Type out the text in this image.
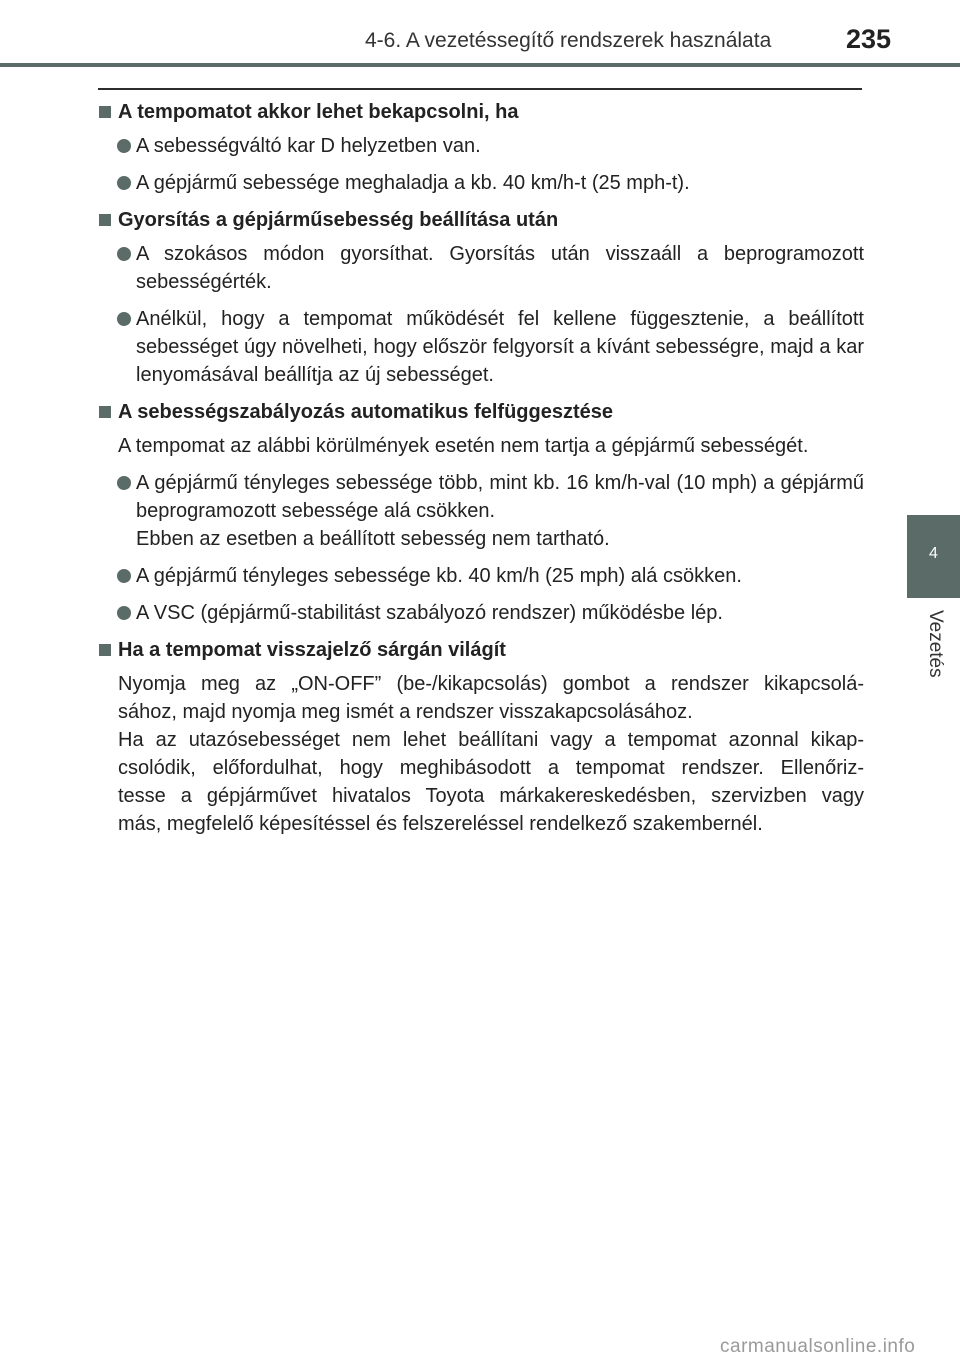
4-6. A vezetéssegítő rendszerek használata	235
4
Vezetés
A tempomatot akkor lehet bekapcsolni, ha
A sebességváltó kar D helyzetben van.
A gépjármű sebessége meghaladja a kb. 40 km/h-t (25 mph-t).
Gyorsítás a gépjárműsebesség beállítása után
A szokásos módon gyorsíthat. Gyorsítás után visszaáll a beprogramozott sebességérték.
Anélkül, hogy a tempomat működését fel kellene függesztenie, a beállított sebességet úgy növelheti, hogy először felgyorsít a kívánt sebességre, majd a kar lenyomásával beállítja az új sebességet.
A sebességszabályozás automatikus felfüggesztése
A tempomat az alábbi körülmények esetén nem tartja a gépjármű sebességét.
A gépjármű tényleges sebessége több, mint kb. 16 km/h-val (10 mph) a gépjármű beprogramozott sebessége alá csökken.
Ebben az esetben a beállított sebesség nem tartható.
A gépjármű tényleges sebessége kb. 40 km/h (25 mph) alá csökken.
A VSC (gépjármű-stabilitást szabályozó rendszer) működésbe lép.
Ha a tempomat visszajelző sárgán világít
Nyomja meg az „ON-OFF” (be-/kikapcsolás) gombot a rendszer kikapcsolá-
sához, majd nyomja meg ismét a rendszer visszakapcsolásához.
Ha az utazósebességet nem lehet beállítani vagy a tempomat azonnal kikap-
csolódik, előfordulhat, hogy meghibásodott a tempomat rendszer. Ellenőriz-
tesse a gépjárművet hivatalos Toyota márkakereskedésben, szervizben vagy
más, megfelelő képesítéssel és felszereléssel rendelkező szakembernél.
carmanualsonline.info
